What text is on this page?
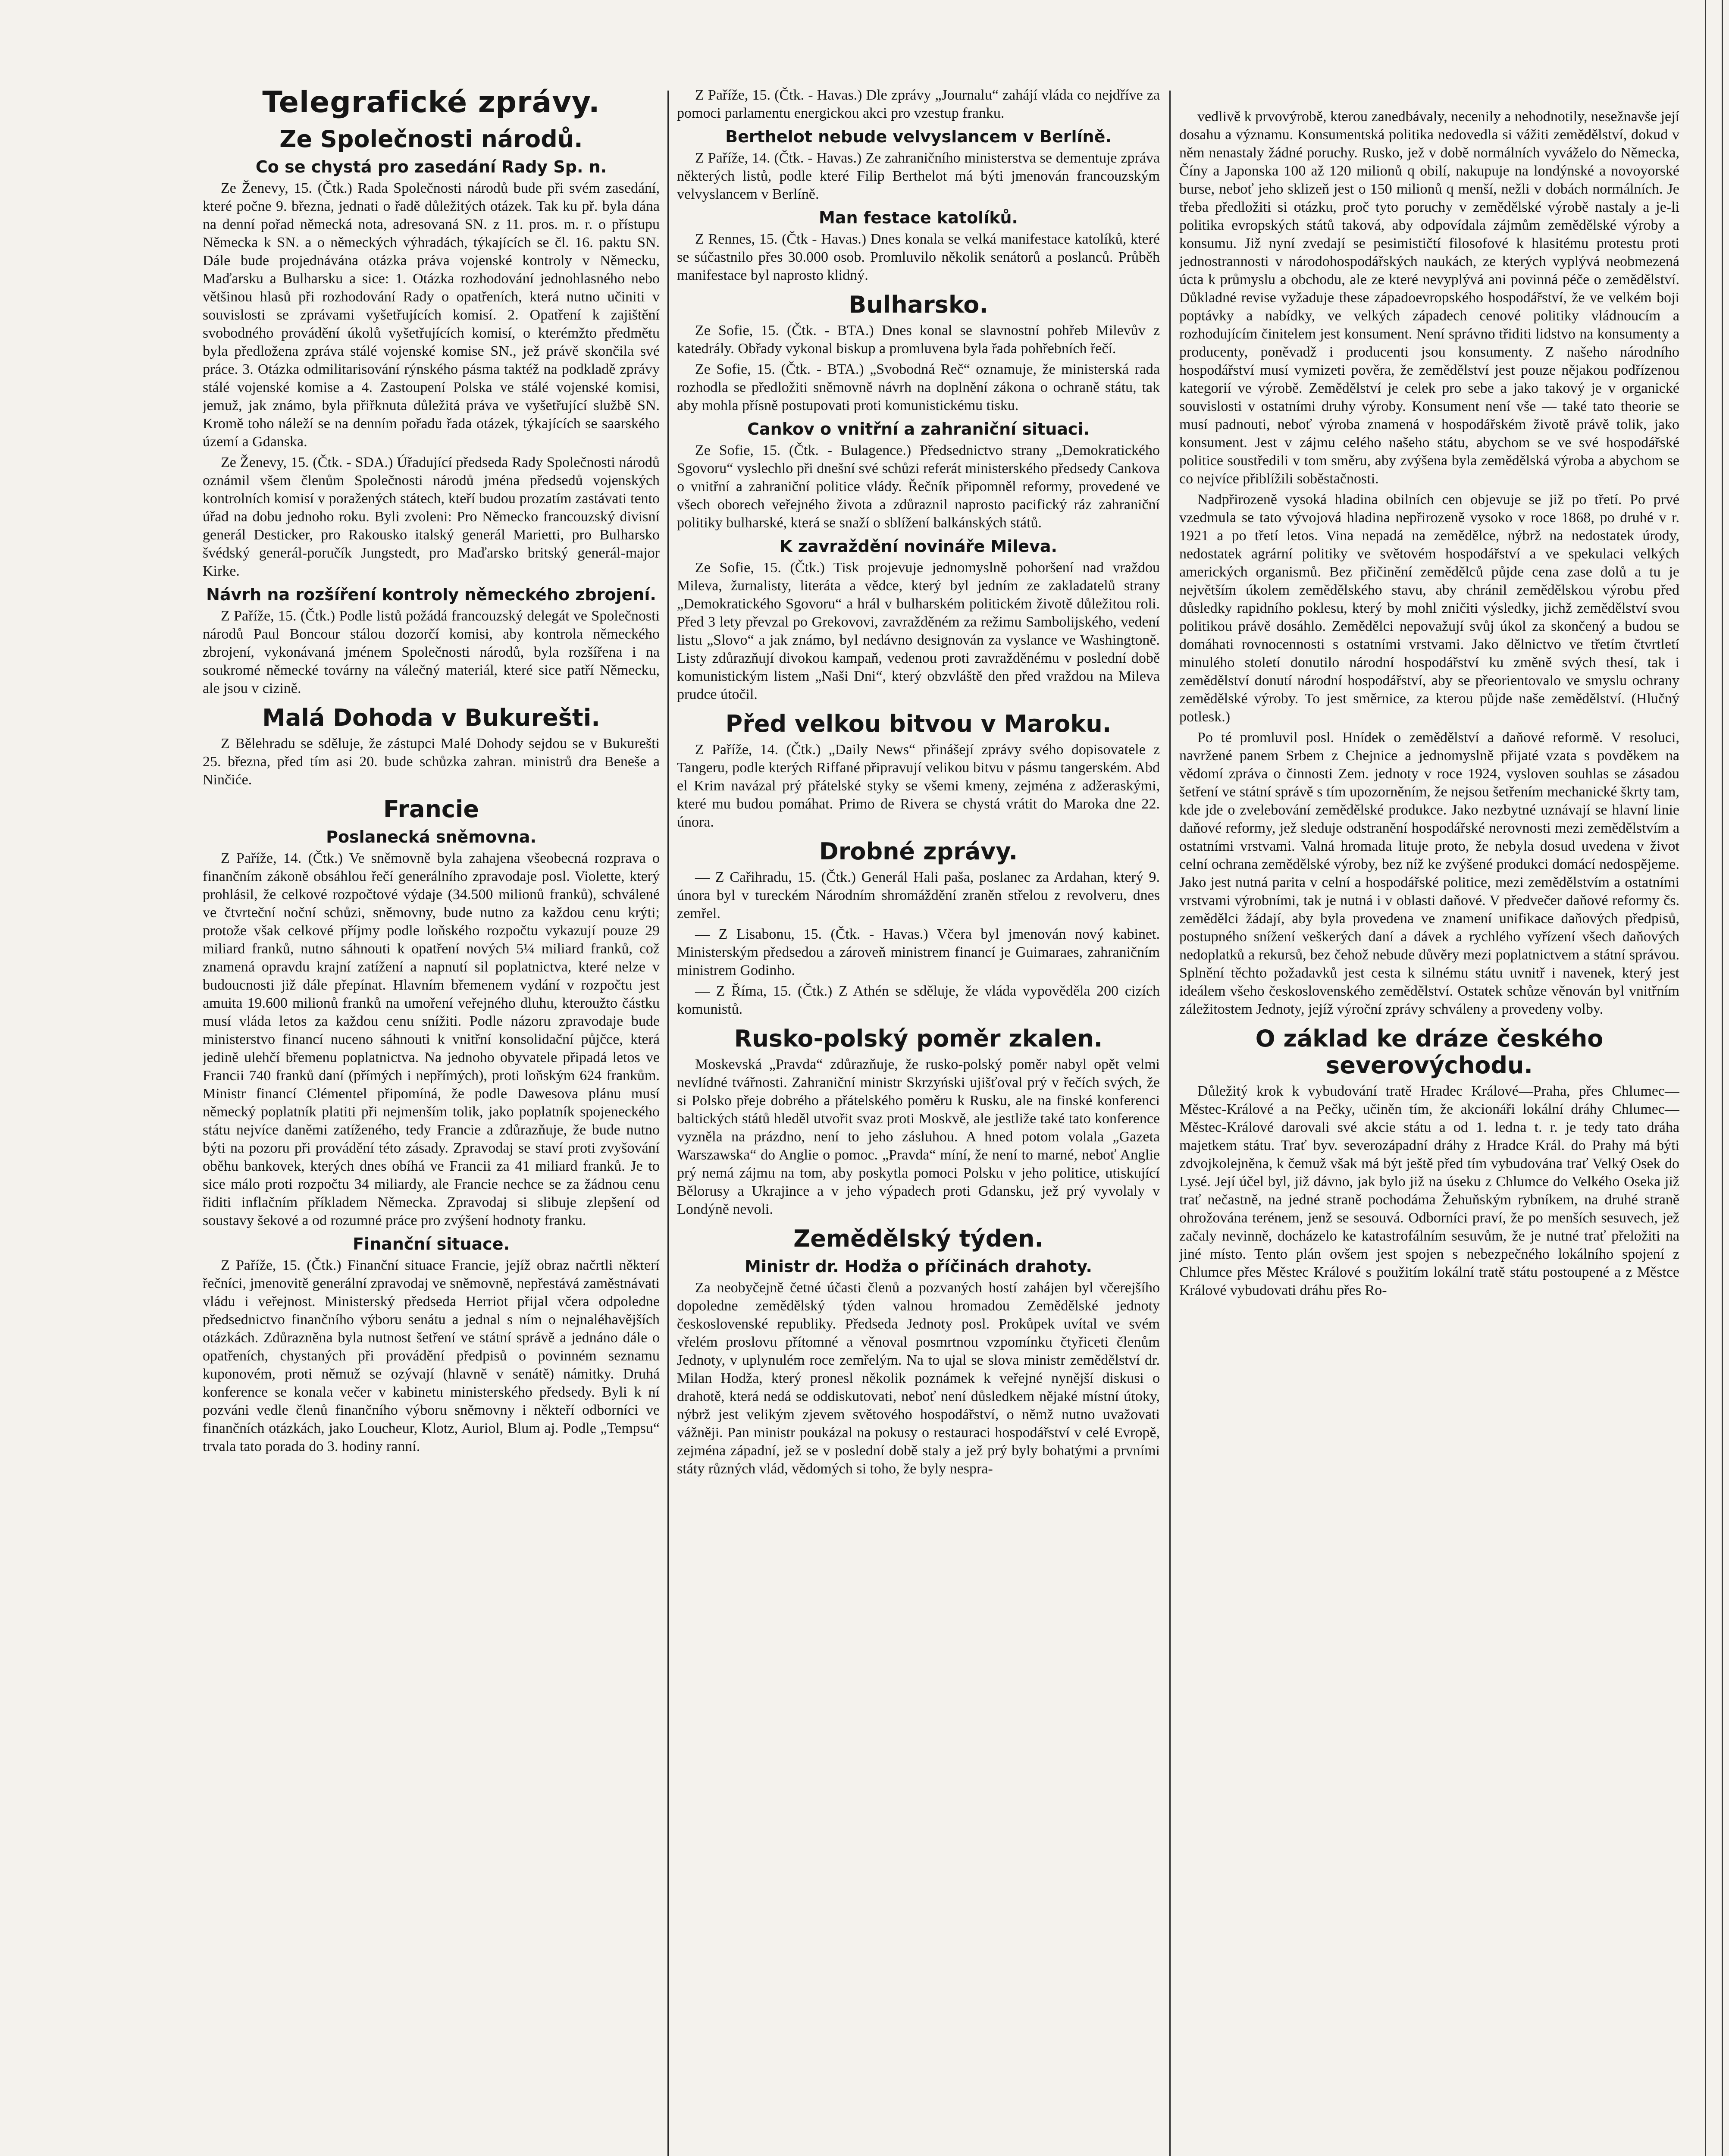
Telegrafické zprávy.
Ze Společnosti národů.
Co se chystá pro zasedání Rady Sp. n.

Ze Ženevy, 15. (Čtk.) Rada Společnosti národů bude při svém zasedání, které počne 9. března, jednati o řadě důležitých otázek. Tak ku př. byla dána na denní pořad německá nota, adresovaná SN. z 11. pros. m. r. o přístupu Německa k SN. a o německých výhradách, týkajících se čl. 16. paktu SN. Dále bude projednávána otázka práva vojenské kontroly v Německu, Maďarsku a Bulharsku a sice: 1. Otázka rozhodování jednohlasného nebo většinou hlasů při rozhodování Rady o opatřeních, která nutno učiniti v souvislosti se zprávami vyšetřujících komisí. 2. Opatření k zajištění svobodného provádění úkolů vyšetřujících komisí, o kterémžto předmětu byla předložena zpráva stálé vojenské komise SN., jež právě skončila své práce. 3. Otázka odmilitarisování rýnského pásma taktéž na podkladě zprávy stálé vojenské komise a 4. Zastoupení Polska ve stálé vojenské komisi, jemuž, jak známo, byla přiřknuta důležitá práva ve vyšetřující službě SN. Kromě toho náleží se na denním pořadu řada otázek, týkajících se saarského území a Gdanska.

Ze Ženevy, 15. (Čtk. - SDA.) Úřadující předseda Rady Společnosti národů oznámil všem členům Společnosti národů jména předsedů vojenských kontrolních komisí v poražených státech, kteří budou prozatím zastávati tento úřad na dobu jednoho roku. Byli zvoleni: Pro Německo francouzský divisní generál Desticker, pro Rakousko italský generál Marietti, pro Bulharsko švédský generál-poručík Jungstedt, pro Maďarsko britský generál-major Kirke.

Návrh na rozšíření kontroly německého zbrojení.

Z Paříže, 15. (Čtk.) Podle listů požádá francouzský delegát ve Společnosti národů Paul Boncour stálou dozorčí komisi, aby kontrola německého zbrojení, vykonávaná jménem Společnosti národů, byla rozšířena i na soukromé německé továrny na válečný materiál, které sice patří Německu, ale jsou v cizině.

Malá Dohoda v Bukurešti.

Z Bělehradu se sděluje, že zástupci Malé Dohody sejdou se v Bukurešti 25. března, před tím asi 20. bude schůzka zahran. ministrů dra Beneše a Ninčiće.

Francie
Poslanecká sněmovna.

Z Paříže, 14. (Čtk.) Ve sněmovně byla zahajena všeobecná rozprava o finančním zákoně obsáhlou řečí generálního zpravodaje posl. Violette, který prohlásil, že celkové rozpočtové výdaje (34.500 milionů franků), schválené ve čtvrteční noční schůzi, sněmovny, bude nutno za každou cenu krýti; protože však celkové příjmy podle loňského rozpočtu vykazují pouze 29 miliard franků, nutno sáhnouti k opatření nových 5¼ miliard franků, což znamená opravdu krajní zatížení a napnutí sil poplatnictva, které nelze v budoucnosti již dále přepínat. Hlavním břemenem vydání v rozpočtu jest amuita 19.600 milionů franků na umoření veřejného dluhu, kteroužto částku musí vláda letos za každou cenu snížiti. Podle názoru zpravodaje bude ministerstvo financí nuceno sáhnouti k vnitřní konsolidační půjčce, která jedině ulehčí břemenu poplatnictva. Na jednoho obyvatele připadá letos ve Francii 740 franků daní (přímých i nepřímých), proti loňským 624 frankům. Ministr financí Clémentel připomíná, že podle Dawesova plánu musí německý poplatník platiti při nejmenším tolik, jako poplatník spojeneckého státu nejvíce daněmi zatíženého, tedy Francie a zdůrazňuje, že bude nutno býti na pozoru při provádění této zásady. Zpravodaj se staví proti zvyšování oběhu bankovek, kterých dnes obíhá ve Francii za 41 miliard franků. Je to sice málo proti rozpočtu 34 miliardy, ale Francie nechce se za žádnou cenu řiditi inflačním příkladem Německa. Zpravodaj si slibuje zlepšení od soustavy šekové a od rozumné práce pro zvýšení hodnoty franku.

Finanční situace.

Z Paříže, 15. (Čtk.) Finanční situace Francie, jejíž obraz načrtli některí řečníci, jmenovitě generální zpravodaj ve sněmovně, nepřestává zaměstnávati vládu i veřejnost. Ministerský předseda Herriot přijal včera odpoledne předsednictvo finančního výboru senátu a jednal s ním o nejnaléhavějších otázkách. Zdůrazněna byla nutnost šetření ve státní správě a jednáno dále o opatřeních, chystaných při provádění předpisů o povinném seznamu kuponovém, proti němuž se ozývají (hlavně v senátě) námitky. Druhá konference se konala večer v kabinetu ministerského předsedy. Byli k ní pozváni vedle členů finančního výboru sněmovny i někteří odborníci ve finančních otázkách, jako Loucheur, Klotz, Auriol, Blum aj. Podle „Tempsu“ trvala tato porada do 3. hodiny ranní.

Z Paříže, 15. (Čtk. - Havas.) Dle zprávy „Journalu“ zahájí vláda co nejdříve za pomoci parlamentu energickou akci pro vzestup franku.

Berthelot nebude velvyslancem v Berlíně.

Z Paříže, 14. (Čtk. - Havas.) Ze zahraničního ministerstva se dementuje zpráva některých listů, podle které Filip Berthelot má býti jmenován francouzským velvyslancem v Berlíně.

Man festace katolíků.

Z Rennes, 15. (Čtk - Havas.) Dnes konala se velká manifestace katolíků, které se súčastnilo přes 30.000 osob. Promluvilo několik senátorů a poslanců. Průběh manifestace byl naprosto klidný.

Bulharsko.

Ze Sofie, 15. (Čtk. - BTA.) Dnes konal se slavnostní pohřeb Milevův z katedrály. Obřady vykonal biskup a promluvena byla řada pohřebních řečí.

Ze Sofie, 15. (Čtk. - BTA.) „Svobodná Reč“ oznamuje, že ministerská rada rozhodla se předložiti sněmovně návrh na doplnění zákona o ochraně státu, tak aby mohla přísně postupovati proti komunistickému tisku.

Cankov o vnitřní a zahraniční situaci.

Ze Sofie, 15. (Čtk. - Bulagence.) Předsednictvo strany „Demokratického Sgovoru“ vyslechlo při dnešní své schůzi referát ministerského předsedy Cankova o vnitřní a zahraniční politice vlády. Řečník připomněl reformy, provedené ve všech oborech veřejného života a zdůraznil naprosto pacifický ráz zahraniční politiky bulharské, která se snaží o sblížení balkánských států.

K zavraždění novináře Mileva.

Ze Sofie, 15. (Čtk.) Tisk projevuje jednomyslně pohoršení nad vraždou Mileva, žurnalisty, literáta a vědce, který byl jedním ze zakladatelů strany „Demokratického Sgovoru“ a hrál v bulharském politickém životě důležitou roli. Před 3 lety převzal po Grekovovi, zavražděném za režimu Sambolijského, vedení listu „Slovo“ a jak známo, byl nedávno designován za vyslance ve Washingtoně. Listy zdůrazňují divokou kampaň, vedenou proti zavražděnému v poslední době komunistickým listem „Naši Dni“, který obzvláště den před vraždou na Mileva prudce útočil.

Před velkou bitvou v Maroku.

Z Paříže, 14. (Čtk.) „Daily News“ přinášejí zprávy svého dopisovatele z Tangeru, podle kterých Riffané připravují velikou bitvu v pásmu tangerském. Abd el Krim navázal prý přátelské styky se všemi kmeny, zejména z adžeraskými, které mu budou pomáhat. Primo de Rivera se chystá vrátit do Maroka dne 22. února.

Drobné zprávy.

— Z Cařihradu, 15. (Čtk.) Generál Hali paša, poslanec za Ardahan, který 9. února byl v tureckém Národním shromáždění zraněn střelou z revolveru, dnes zemřel.

— Z Lisabonu, 15. (Čtk. - Havas.) Včera byl jmenován nový kabinet. Ministerským předsedou a zároveň ministrem financí je Guimaraes, zahraničním ministrem Godinho.

— Z Říma, 15. (Čtk.) Z Athén se sděluje, že vláda vypověděla 200 cizích komunistů.

Rusko-polský poměr zkalen.

Moskevská „Pravda“ zdůrazňuje, že rusko-polský poměr nabyl opět velmi nevlídné tvářnosti. Zahraniční ministr Skrzyński ujišťoval prý v řečích svých, že si Polsko přeje dobrého a přátelského poměru k Rusku, ale na finské konferenci baltických států hleděl utvořit svaz proti Moskvě, ale jestliže také tato konference vyzněla na prázdno, není to jeho zásluhou. A hned potom volala „Gazeta Warszawska“ do Anglie o pomoc. „Pravda“ míní, že není to marné, neboť Anglie prý nemá zájmu na tom, aby poskytla pomoci Polsku v jeho politice, utiskující Bělorusy a Ukrajince a v jeho výpadech proti Gdansku, jež prý vyvolaly v Londýně nevoli.

Zemědělský týden.
Ministr dr. Hodža o příčinách drahoty.

Za neobyčejně četné účasti členů a pozvaných hostí zahájen byl včerejšího dopoledne zemědělský týden valnou hromadou Zemědělské jednoty československé republiky. Předseda Jednoty posl. Prokůpek uvítal ve svém vřelém proslovu přítomné a věnoval posmrtnou vzpomínku čtyřiceti členům Jednoty, v uplynulém roce zemřelým. Na to ujal se slova ministr zemědělství dr. Milan Hodža, který pronesl několik poznámek k veřejné nynější diskusi o drahotě, která nedá se oddiskutovati, neboť není důsledkem nějaké místní útoky, nýbrž jest velikým zjevem světového hospodářství, o němž nutno uvažovati vážněji. Pan ministr poukázal na pokusy o restauraci hospodářství v celé Evropě, zejména západní, jež se v poslední době staly a jež prý byly bohatými a prvními státy různých vlád, vědomých si toho, že byly nespra-

vedlivě k prvovýrobě, kterou zanedbávaly, necenily a nehodnotily, nesežnavše její dosahu a významu. Konsumentská politika nedovedla si vážiti zemědělství, dokud v něm nenastaly žádné poruchy. Rusko, jež v době normálních vyváželo do Německa, Číny a Japonska 100 až 120 milionů q obilí, nakupuje na londýnské a novoyorské burse, neboť jeho sklizeň jest o 150 milionů q menší, nežli v dobách normálních. Je třeba předložiti si otázku, proč tyto poruchy v zemědělské výrobě nastaly a je-li politika evropských států taková, aby odpovídala zájmům zemědělské výroby a konsumu. Již nyní zvedají se pesimističtí filosofové k hlasitému protestu proti jednostrannosti v národohospodářských naukách, ze kterých vyplývá neobmezená úcta k průmyslu a obchodu, ale ze které nevyplývá ani povinná péče o zemědělství. Důkladné revise vyžaduje these západoevropského hospodářství, že ve velkém boji poptávky a nabídky, ve velkých západech cenové politiky vládnoucím a rozhodujícím činitelem jest konsument. Není správno třiditi lidstvo na konsumenty a producenty, poněvadž i producenti jsou konsumenty. Z našeho národního hospodářství musí vymizeti pověra, že zemědělství jest pouze nějakou podřízenou kategorií ve výrobě. Zemědělství je celek pro sebe a jako takový je v organické souvislosti v ostatními druhy výroby. Konsument není vše — také tato theorie se musí padnouti, neboť výroba znamená v hospodářském životě právě tolik, jako konsument. Jest v zájmu celého našeho státu, abychom se ve své hospodářské politice soustředili v tom směru, aby zvýšena byla zemědělská výroba a abychom se co nejvíce přiblížili soběstačnosti.

Nadpřirozeně vysoká hladina obilních cen objevuje se již po třetí. Po prvé vzedmula se tato vývojová hladina nepřirozeně vysoko v roce 1868, po druhé v r. 1921 a po třetí letos. Vina nepadá na zemědělce, nýbrž na nedostatek úrody, nedostatek agrární politiky ve světovém hospodářství a ve spekulaci velkých amerických organismů. Bez přičinění zemědělců půjde cena zase dolů a tu je největším úkolem zemědělského stavu, aby chránil zemědělskou výrobu před důsledky rapidního poklesu, který by mohl zničiti výsledky, jichž zemědělství svou politikou právě dosáhlo. Zemědělci nepovažují svůj úkol za skončený a budou se domáhati rovnocennosti s ostatními vrstvami. Jako dělnictvo ve třetím čtvrtletí minulého století donutilo národní hospodářství ku změně svých thesí, tak i zemědělství donutí národní hospodářství, aby se přeorientovalo ve smyslu ochrany zemědělské výroby. To jest směrnice, za kterou půjde naše zemědělství. (Hlučný potlesk.)

Po té promluvil posl. Hnídek o zemědělství a daňové reformě. V resoluci, navržené panem Srbem z Chejnice a jednomyslně přijaté vzata s povděkem na vědomí zpráva o činnosti Zem. jednoty v roce 1924, vysloven souhlas se zásadou šetření ve státní správě s tím upozorněním, že nejsou šetřením mechanické škrty tam, kde jde o zvelebování zemědělské produkce. Jako nezbytné uznávají se hlavní linie daňové reformy, jež sleduje odstranění hospodářské nerovnosti mezi zemědělstvím a ostatními vrstvami. Valná hromada lituje proto, že nebyla dosud uvedena v život celní ochrana zemědělské výroby, bez níž ke zvýšené produkci domácí nedospějeme. Jako jest nutná parita v celní a hospodářské politice, mezi zemědělstvím a ostatními vrstvami výrobními, tak je nutná i v oblasti daňové. V předvečer daňové reformy čs. zemědělci žádají, aby byla provedena ve znamení unifikace daňových předpisů, postupného snížení veškerých daní a dávek a rychlého vyřízení všech daňových nedoplatků a rekursů, bez čehož nebude důvěry mezi poplatnictvem a státní správou. Splnění těchto požadavků jest cesta k silnému státu uvnitř i navenek, který jest ideálem všeho československého zemědělství. Ostatek schůze věnován byl vnitřním záležitostem Jednoty, jejíž výroční zprávy schváleny a provedeny volby.

O základ ke dráze českého severovýchodu.

Důležitý krok k vybudování tratě Hradec Králové—Praha, přes Chlumec—Městec-Králové a na Pečky, učiněn tím, že akcionáři lokální dráhy Chlumec—Městec-Králové darovali své akcie státu a od 1. ledna t. r. je tedy tato dráha majetkem státu. Trať byv. severozápadní dráhy z Hradce Král. do Prahy má býti zdvojkolejněna, k čemuž však má být ještě před tím vybudována trať Velký Osek do Lysé. Její účel byl, již dávno, jak bylo již na úseku z Chlumce do Velkého Oseka již trať nečastně, na jedné straně pochodáma Žehuňským rybníkem, na druhé straně ohrožována terénem, jenž se sesouvá. Odborníci praví, že po menších sesuvech, jež začaly nevinně, docházelo ke katastrofálním sesuvům, že je nutné trať přeložiti na jiné místo. Tento plán ovšem jest spojen s nebezpečného lokálního spojení z Chlumce přes Městec Králové s použitím lokální tratě státu postoupené a z Městce Králové vybudovati dráhu přes Ro-
